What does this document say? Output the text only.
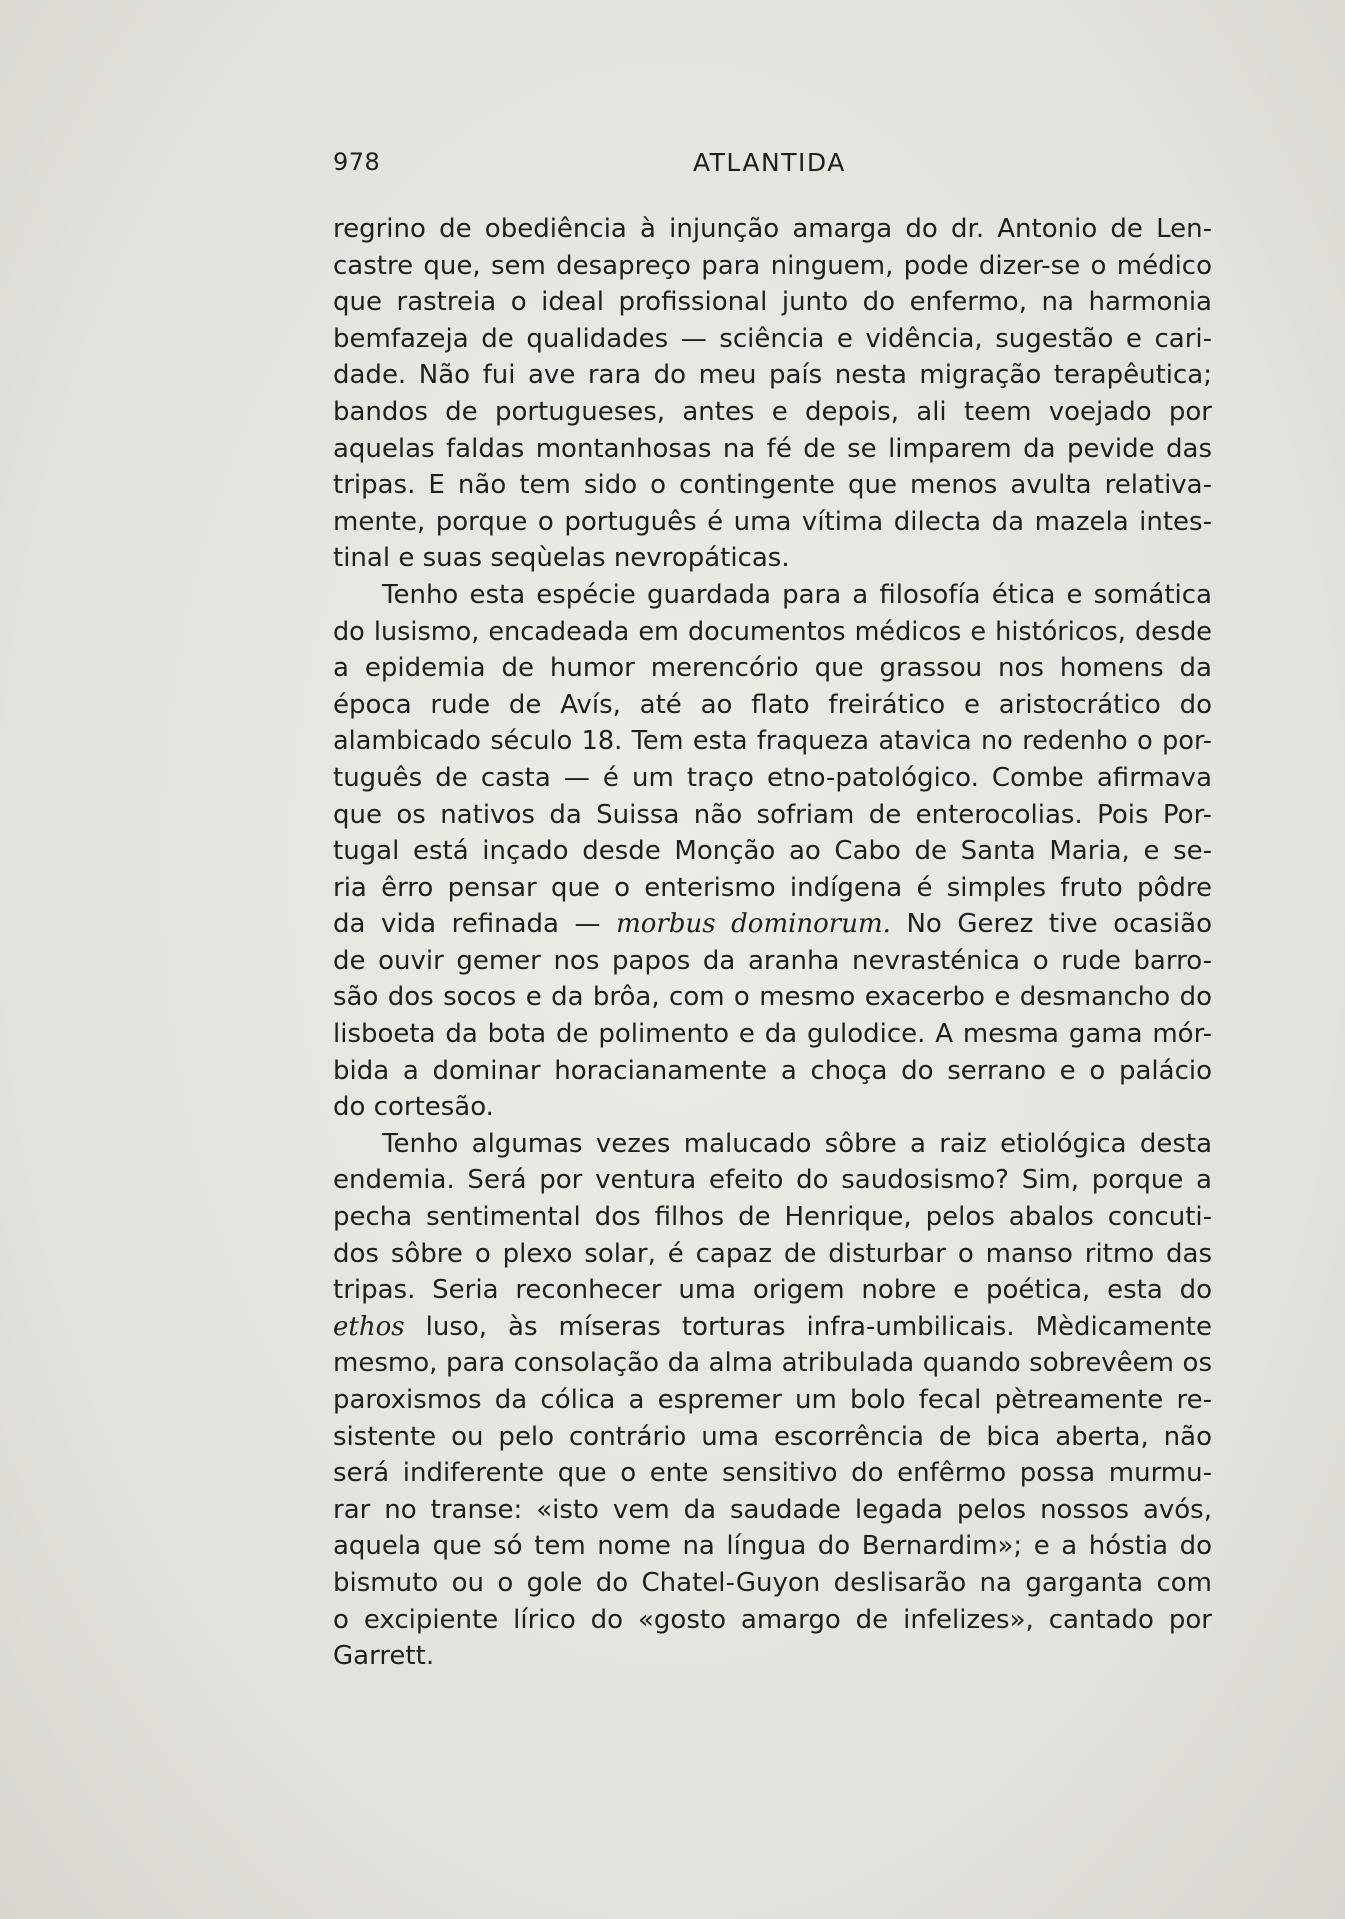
978	ATLANTIDA
regrino de obediência à injunção amarga do dr. Antonio de Len-
castre que, sem desapreço para ninguem, pode dizer-se o médico
que rastreia o ideal profissional junto do enfermo, na harmonia
bemfazeja de qualidades — sciência e vidência, sugestão e cari-
dade. Não fui ave rara do meu país nesta migração terapêutica;
bandos de portugueses, antes e depois, ali teem voejado por
aquelas faldas montanhosas na fé de se limparem da pevide das
tripas. E não tem sido o contingente que menos avulta relativa-
mente, porque o português é uma vítima dilecta da mazela intes-
tinal e suas seqùelas nevropáticas.
Tenho esta espécie guardada para a filosofía ética e somática
do lusismo, encadeada em documentos médicos e históricos, desde
a epidemia de humor merencório que grassou nos homens da
época rude de Avís, até ao flato freirático e aristocrático do
alambicado século 18. Tem esta fraqueza atavica no redenho o por-
tuguês de casta — é um traço etno-patológico. Combe afirmava
que os nativos da Suissa não sofriam de enterocolias. Pois Por-
tugal está inçado desde Monção ao Cabo de Santa Maria, e se-
ria êrro pensar que o enterismo indígena é simples fruto pôdre
da vida refinada — morbus dominorum. No Gerez tive ocasião
de ouvir gemer nos papos da aranha nevrasténica o rude barro-
são dos socos e da brôa, com o mesmo exacerbo e desmancho do
lisboeta da bota de polimento e da gulodice. A mesma gama mór-
bida a dominar horacianamente a choça do serrano e o palácio
do cortesão.
Tenho algumas vezes malucado sôbre a raiz etiológica desta
endemia. Será por ventura efeito do saudosismo? Sim, porque a
pecha sentimental dos filhos de Henrique, pelos abalos concuti-
dos sôbre o plexo solar, é capaz de disturbar o manso ritmo das
tripas. Seria reconhecer uma origem nobre e poética, esta do
ethos luso, às míseras torturas infra-umbilicais. Mèdicamente
mesmo, para consolação da alma atribulada quando sobrevêem os
paroxismos da cólica a espremer um bolo fecal pètreamente re-
sistente ou pelo contrário uma escorrência de bica aberta, não
será indiferente que o ente sensitivo do enfêrmo possa murmu-
rar no transe: «isto vem da saudade legada pelos nossos avós,
aquela que só tem nome na língua do Bernardim»; e a hóstia do
bismuto ou o gole do Chatel-Guyon deslisarão na garganta com
o excipiente lírico do «gosto amargo de infelizes», cantado por
Garrett.
